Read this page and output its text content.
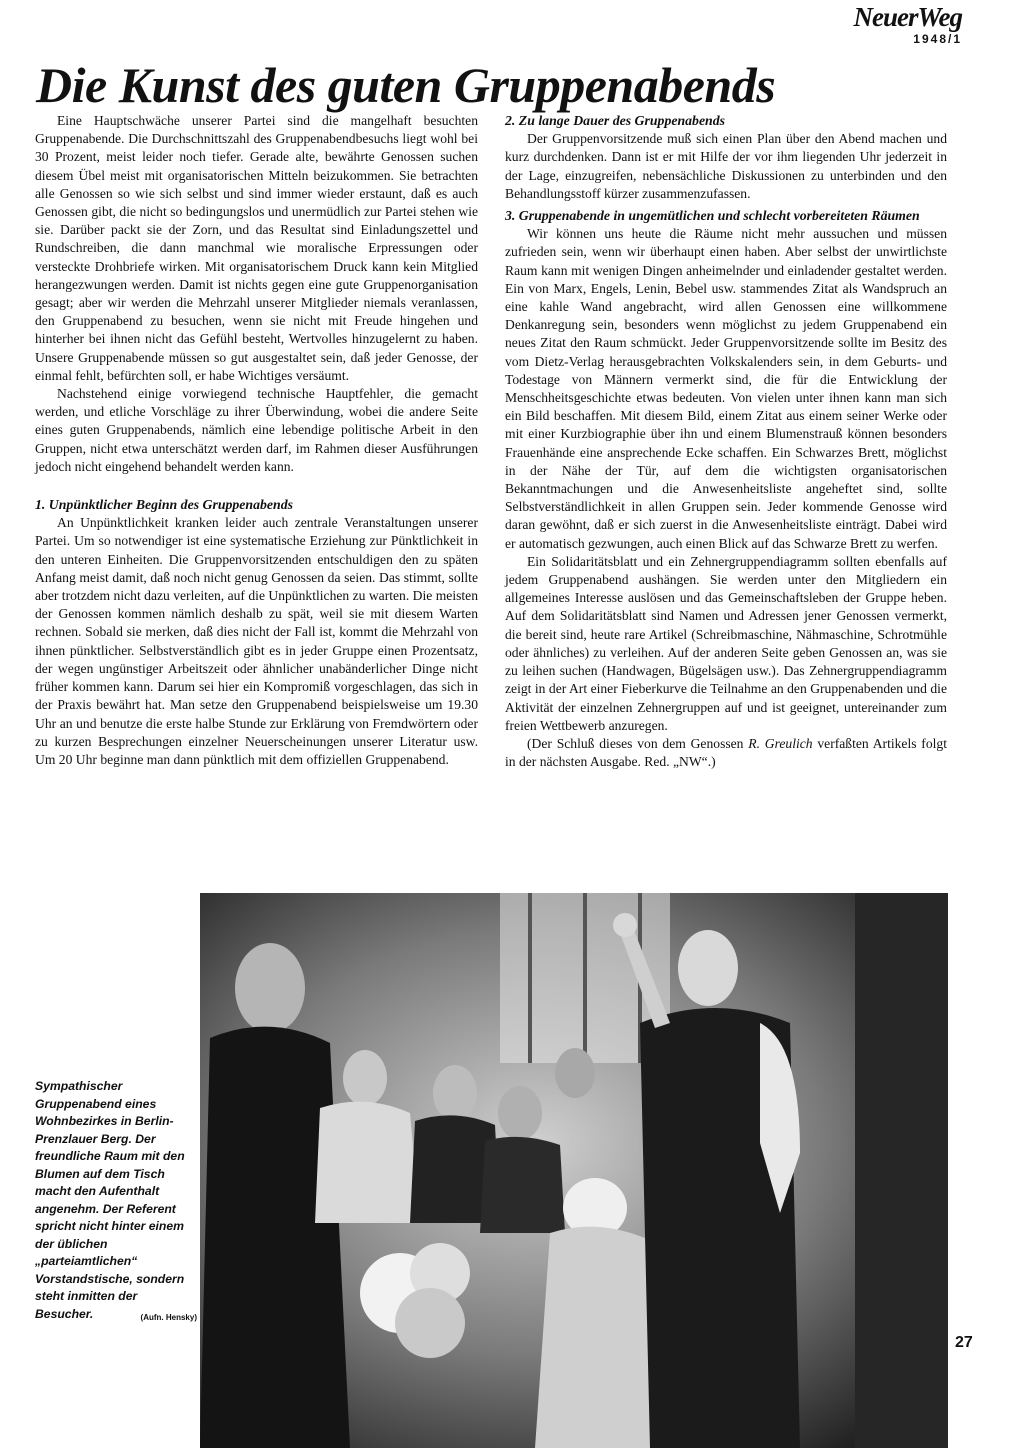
NeuerWeg
1948/1
Die Kunst des guten Gruppenabends

Eine Hauptschwäche unserer Partei sind die mangelhaft besuchten Gruppenabende. Die Durchschnittszahl des Gruppenabendbesuchs liegt wohl bei 30 Prozent, meist leider noch tiefer. Gerade alte, bewährte Genossen suchen diesem Übel meist mit organisatorischen Mitteln beizukommen. Sie betrachten alle Genossen so wie sich selbst und sind immer wieder erstaunt, daß es auch Genossen gibt, die nicht so bedingungslos und unermüdlich zur Partei stehen wie sie. Darüber packt sie der Zorn, und das Resultat sind Einladungszettel und Rundschreiben, die dann manchmal wie moralische Erpressungen oder versteckte Drohbriefe wirken. Mit organisatorischem Druck kann kein Mitglied herangezwungen werden. Damit ist nichts gegen eine gute Gruppenorganisation gesagt; aber wir werden die Mehrzahl unserer Mitglieder niemals veranlassen, den Gruppenabend zu besuchen, wenn sie nicht mit Freude hingehen und hinterher bei ihnen nicht das Gefühl besteht, Wertvolles hinzugelernt zu haben. Unsere Gruppenabende müssen so gut ausgestaltet sein, daß jeder Genosse, der einmal fehlt, befürchten soll, er habe Wichtiges versäumt.

Nachstehend einige vorwiegend technische Hauptfehler, die gemacht werden, und etliche Vorschläge zu ihrer Überwindung, wobei die andere Seite eines guten Gruppenabends, nämlich eine lebendige politische Arbeit in den Gruppen, nicht etwa unterschätzt werden darf, im Rahmen dieser Ausführungen jedoch nicht eingehend behandelt werden kann.

1. Unpünktlicher Beginn des Gruppenabends

An Unpünktlichkeit kranken leider auch zentrale Veranstaltungen unserer Partei. Um so notwendiger ist eine systematische Erziehung zur Pünktlichkeit in den unteren Einheiten. Die Gruppenvorsitzenden entschuldigen den zu späten Anfang meist damit, daß noch nicht genug Genossen da seien. Das stimmt, sollte aber trotzdem nicht dazu verleiten, auf die Unpünktlichen zu warten. Die meisten der Genossen kommen nämlich deshalb zu spät, weil sie mit diesem Warten rechnen. Sobald sie merken, daß dies nicht der Fall ist, kommt die Mehrzahl von ihnen pünktlicher. Selbstverständlich gibt es in jeder Gruppe einen Prozentsatz, der wegen ungünstiger Arbeitszeit oder ähnlicher unabänderlicher Dinge nicht früher kommen kann. Darum sei hier ein Kompromiß vorgeschlagen, das sich in der Praxis bewährt hat. Man setze den Gruppenabend beispielsweise um 19.30 Uhr an und benutze die erste halbe Stunde zur Erklärung von Fremdwörtern oder zu kurzen Besprechungen einzelner Neuerscheinungen unserer Literatur usw. Um 20 Uhr beginne man dann pünktlich mit dem offiziellen Gruppenabend.

2. Zu lange Dauer des Gruppenabends

Der Gruppenvorsitzende muß sich einen Plan über den Abend machen und kurz durchdenken. Dann ist er mit Hilfe der vor ihm liegenden Uhr jederzeit in der Lage, einzugreifen, nebensächliche Diskussionen zu unterbinden und den Behandlungsstoff kürzer zusammenzufassen.

3. Gruppenabende in ungemütlichen und schlecht vorbereiteten Räumen

Wir können uns heute die Räume nicht mehr aussuchen und müssen zufrieden sein, wenn wir überhaupt einen haben. Aber selbst der unwirtlichste Raum kann mit wenigen Dingen anheimelnder und einladender gestaltet werden. Ein von Marx, Engels, Lenin, Bebel usw. stammendes Zitat als Wandspruch an eine kahle Wand angebracht, wird allen Genossen eine willkommene Denkanregung sein, besonders wenn möglichst zu jedem Gruppenabend ein neues Zitat den Raum schmückt. Jeder Gruppenvorsitzende sollte im Besitz des vom Dietz-Verlag herausgebrachten Volkskalenders sein, in dem Geburts- und Todestage von Männern vermerkt sind, die für die Entwicklung der Menschheitsgeschichte etwas bedeuten. Von vielen unter ihnen kann man sich ein Bild beschaffen. Mit diesem Bild, einem Zitat aus einem seiner Werke oder mit einer Kurzbiographie über ihn und einem Blumenstrauß können besonders Frauenhände eine ansprechende Ecke schaffen. Ein Schwarzes Brett, möglichst in der Nähe der Tür, auf dem die wichtigsten organisatorischen Bekanntmachungen und die Anwesenheitsliste angeheftet sind, sollte Selbstverständlichkeit in allen Gruppen sein. Jeder kommende Genosse wird daran gewöhnt, daß er sich zuerst in die Anwesenheitsliste einträgt. Dabei wird er automatisch gezwungen, auch einen Blick auf das Schwarze Brett zu werfen.

Ein Solidaritätsblatt und ein Zehnergruppendiagramm sollten ebenfalls auf jedem Gruppenabend aushängen. Sie werden unter den Mitgliedern ein allgemeines Interesse auslösen und das Gemeinschaftsleben der Gruppe heben. Auf dem Solidaritätsblatt sind Namen und Adressen jener Genossen vermerkt, die bereit sind, heute rare Artikel (Schreibmaschine, Nähmaschine, Schrotmühle oder ähnliches) zu verleihen. Auf der anderen Seite geben Genossen an, was sie zu leihen suchen (Handwagen, Bügelsägen usw.). Das Zehnergruppendiagramm zeigt in der Art einer Fieberkurve die Teilnahme an den Gruppenabenden und die Aktivität der einzelnen Zehnergruppen auf und ist geeignet, untereinander zum freien Wettbewerb anzuregen.

(Der Schluß dieses von dem Genossen R. Greulich verfaßten Artikels folgt in der nächsten Ausgabe. Red. „NW“.)

Sympathischer Gruppenabend eines Wohnbezirkes in Berlin-Prenzlauer Berg. Der freundliche Raum mit den Blumen auf dem Tisch macht den Aufenthalt angenehm. Der Referent spricht nicht hinter einem der üblichen „parteiamtlichen“ Vorstandstische, sondern steht inmitten der Besucher.	(Aufn. Hensky)
27
